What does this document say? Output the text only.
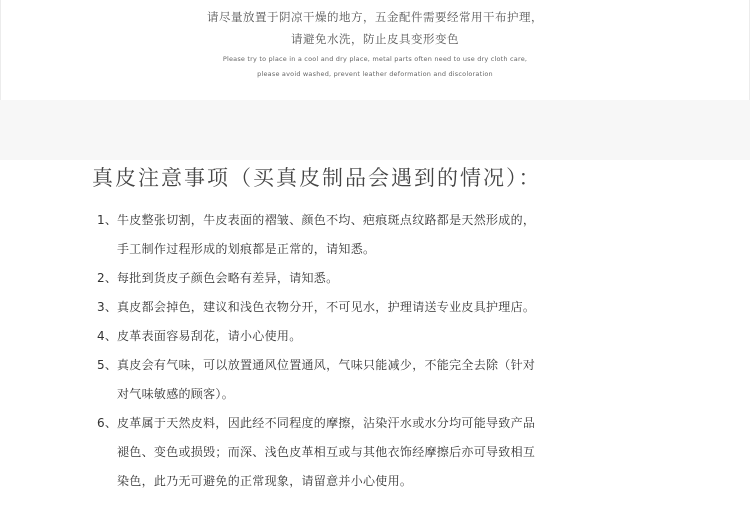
请尽量放置于阴凉干燥的地方，五金配件需要经常用干布护理，
请避免水洗，防止皮具变形变色
Please try to place in a cool and dry place, metal parts often need to use dry cloth care,
please avoid washed, prevent leather deformation and discoloration
真皮注意事项（买真皮制品会遇到的情况）：
1、牛皮整张切割，牛皮表面的褶皱、颜色不均、疤痕斑点纹路都是天然形成的，
手工制作过程形成的划痕都是正常的，请知悉。
2、每批到货皮子颜色会略有差异，请知悉。
3、真皮都会掉色，建议和浅色衣物分开，不可见水，护理请送专业皮具护理店。
4、皮革表面容易刮花，请小心使用。
5、真皮会有气味，可以放置通风位置通风，气味只能减少，不能完全去除（针对
对气味敏感的顾客）。
6、皮革属于天然皮料，因此经不同程度的摩擦，沾染汗水或水分均可能导致产品
褪色、变色或损毁；而深、浅色皮革相互或与其他衣饰经摩擦后亦可导致相互
染色，此乃无可避免的正常现象，请留意并小心使用。
